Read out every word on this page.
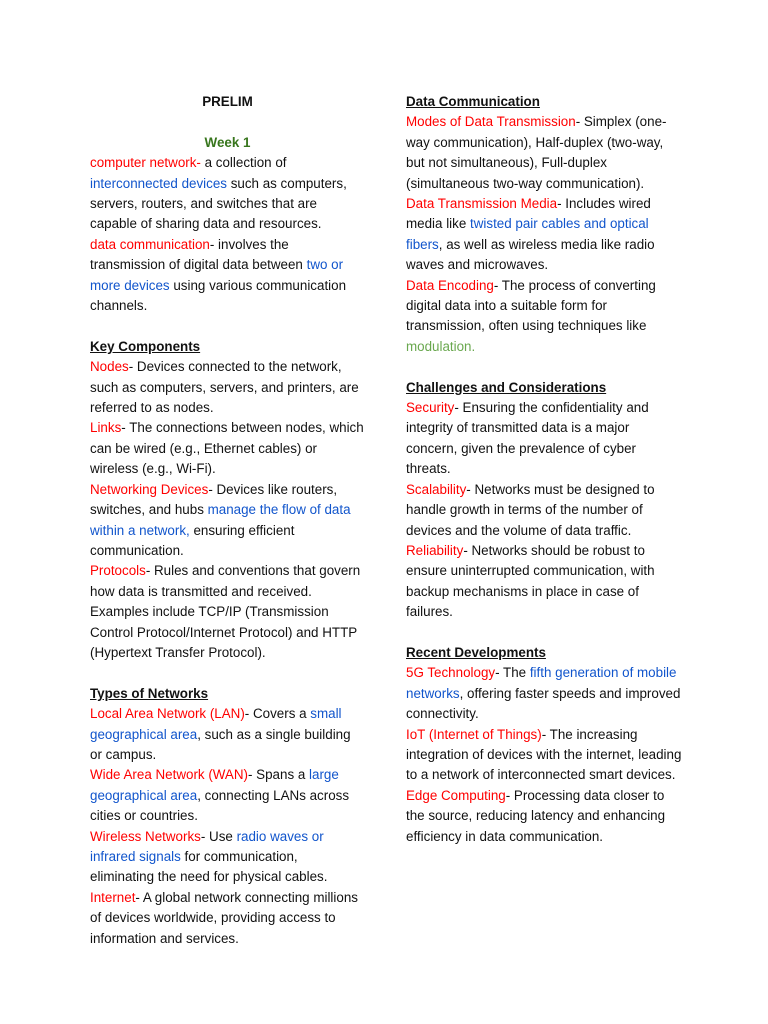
PRELIM

Week 1

computer network- a collection of interconnected devices such as computers, servers, routers, and switches that are capable of sharing data and resources.

data communication- involves the transmission of digital data between two or more devices using various communication channels.

Key Components

Nodes- Devices connected to the network, such as computers, servers, and printers, are referred to as nodes.

Links- The connections between nodes, which can be wired (e.g., Ethernet cables) or wireless (e.g., Wi-Fi).

Networking Devices- Devices like routers, switches, and hubs manage the flow of data within a network, ensuring efficient communication.

Protocols- Rules and conventions that govern how data is transmitted and received. Examples include TCP/IP (Transmission Control Protocol/Internet Protocol) and HTTP (Hypertext Transfer Protocol).

Types of Networks

Local Area Network (LAN)- Covers a small geographical area, such as a single building or campus.

Wide Area Network (WAN)- Spans a large geographical area, connecting LANs across cities or countries.

Wireless Networks- Use radio waves or infrared signals for communication, eliminating the need for physical cables.

Internet- A global network connecting millions of devices worldwide, providing access to information and services.

Data Communication

Modes of Data Transmission- Simplex (one-way communication), Half-duplex (two-way, but not simultaneous), Full-duplex (simultaneous two-way communication).

Data Transmission Media- Includes wired media like twisted pair cables and optical fibers, as well as wireless media like radio waves and microwaves.

Data Encoding- The process of converting digital data into a suitable form for transmission, often using techniques like modulation.

Challenges and Considerations

Security- Ensuring the confidentiality and integrity of transmitted data is a major concern, given the prevalence of cyber threats.

Scalability- Networks must be designed to handle growth in terms of the number of devices and the volume of data traffic.

Reliability- Networks should be robust to ensure uninterrupted communication, with backup mechanisms in place in case of failures.

Recent Developments

5G Technology- The fifth generation of mobile networks, offering faster speeds and improved connectivity.

IoT (Internet of Things)- The increasing integration of devices with the internet, leading to a network of interconnected smart devices.

Edge Computing- Processing data closer to the source, reducing latency and enhancing efficiency in data communication.
